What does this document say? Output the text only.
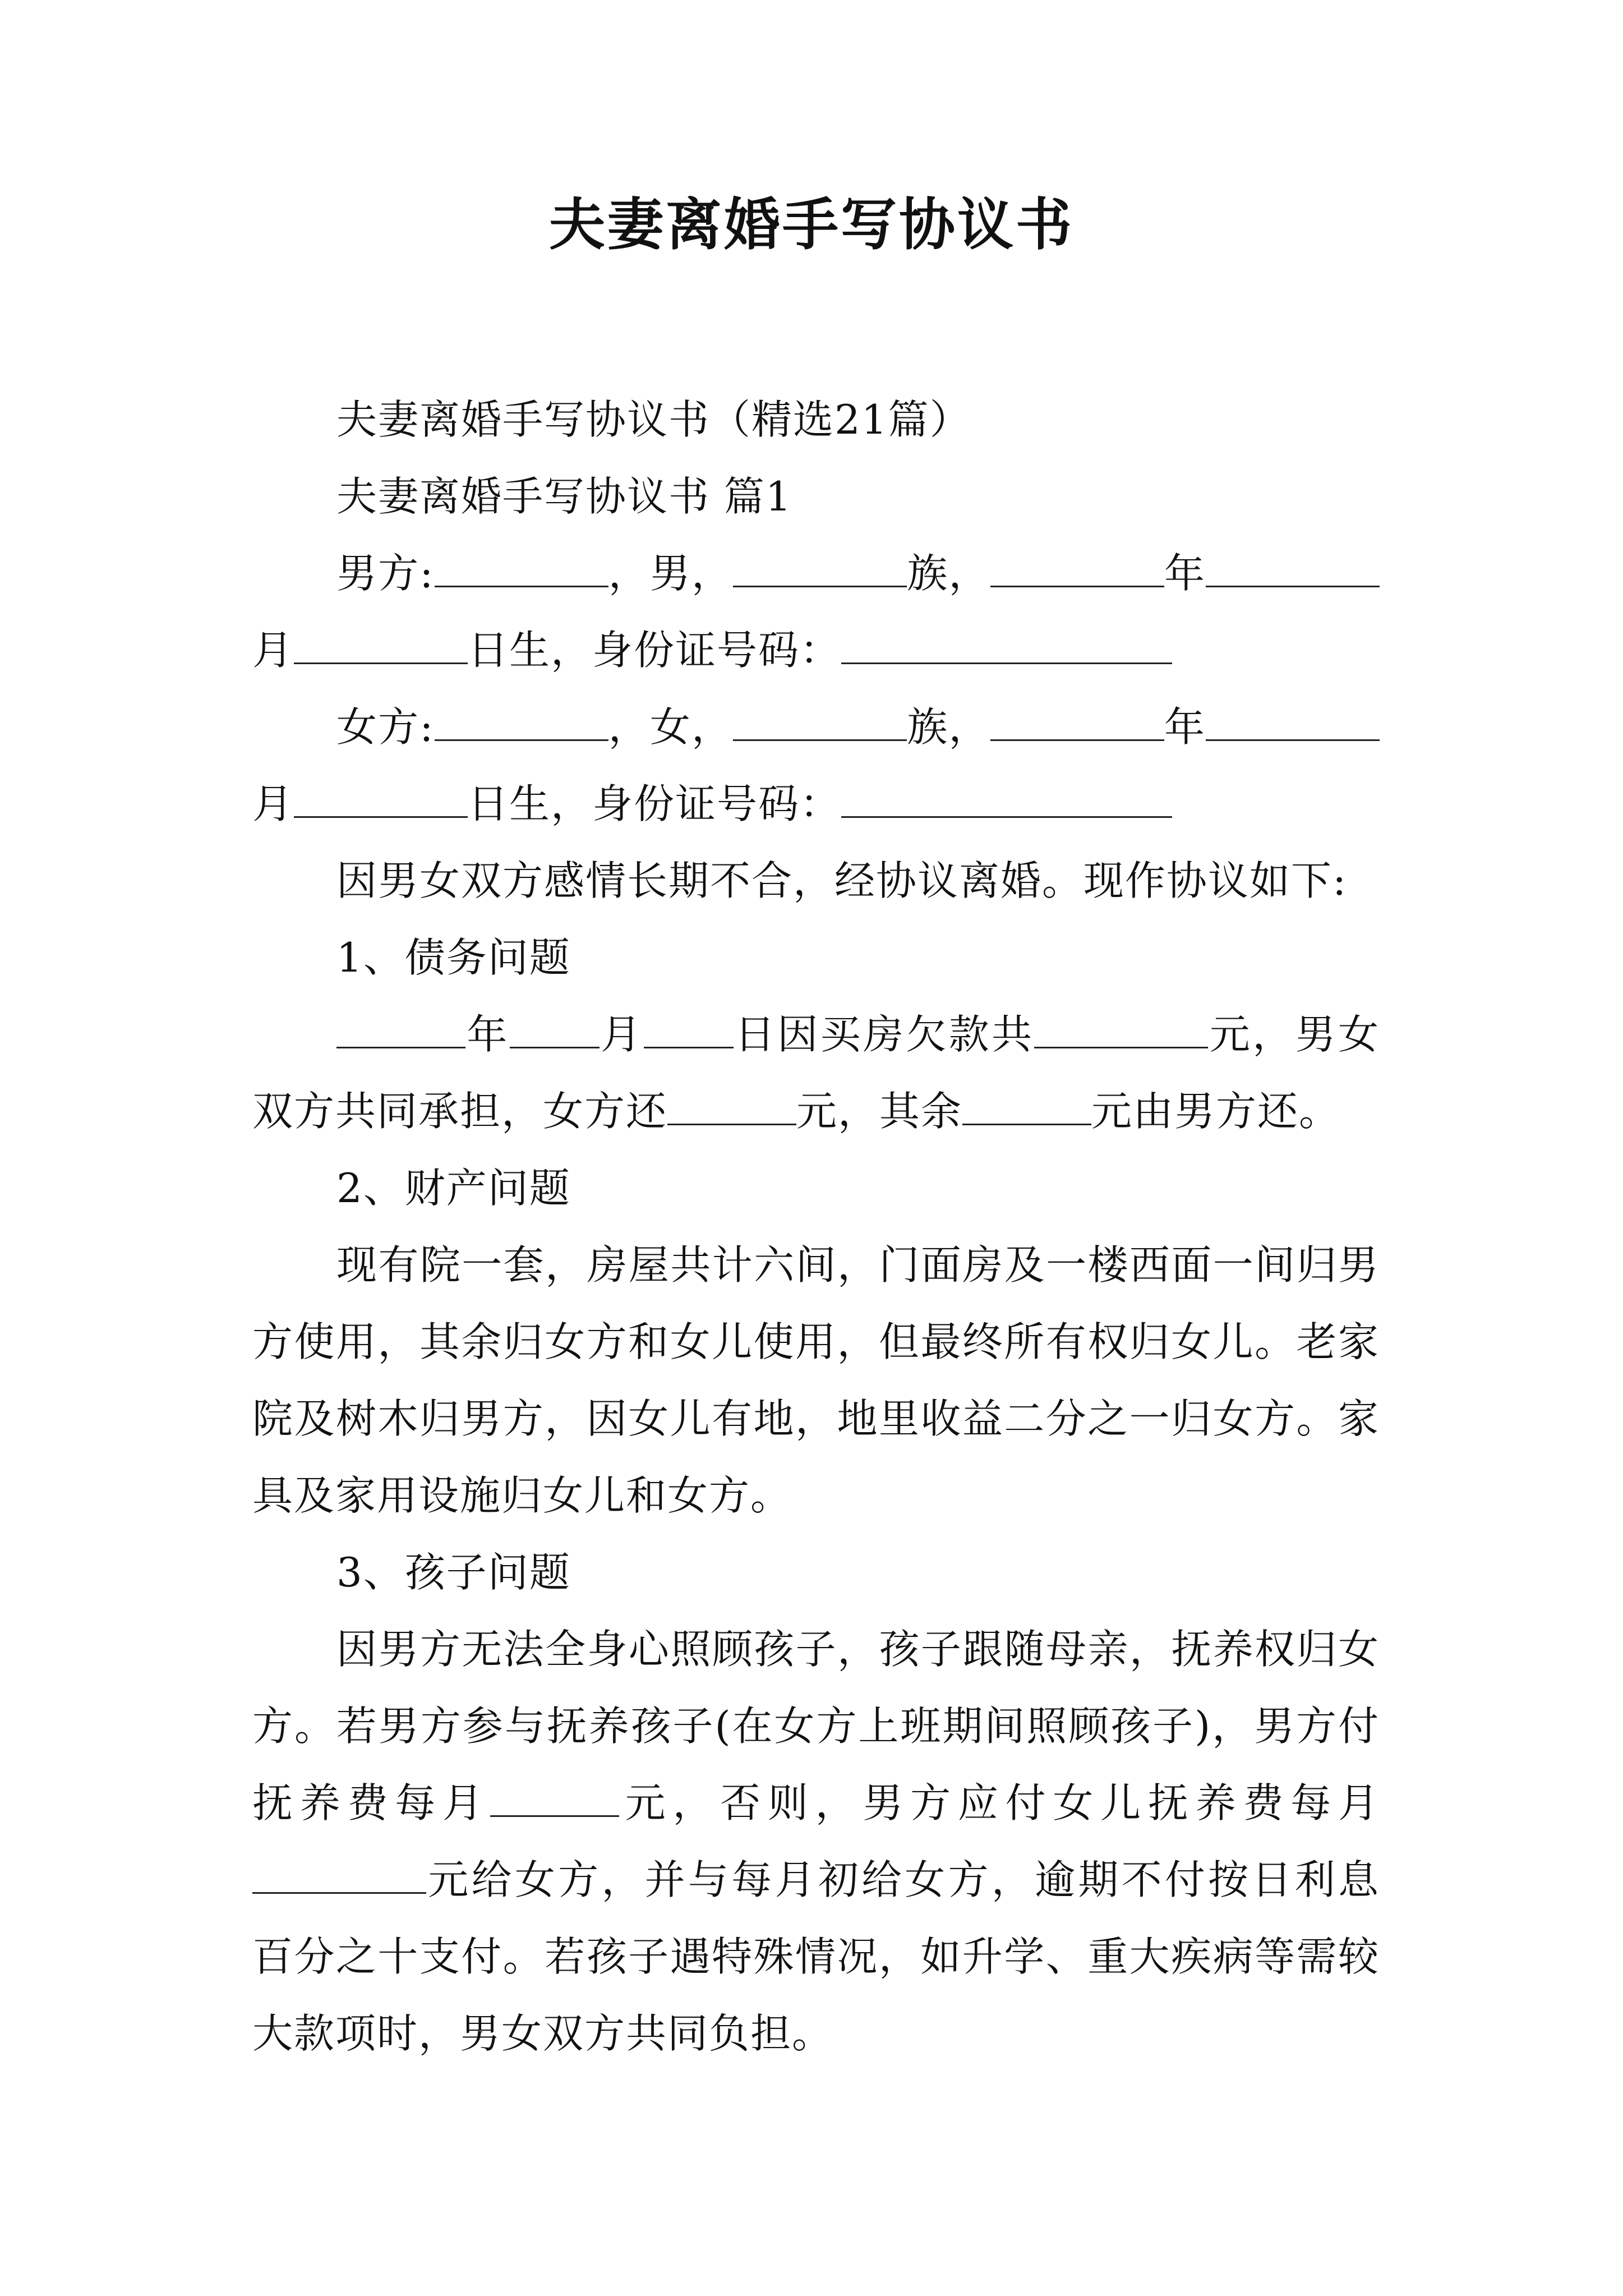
夫妻离婚手写协议书

夫妻离婚手写协议书（精选21篇）

夫妻离婚手写协议书 篇1

男方:	，男，	族，	年月	日生，身份证号码：

女方:	，女，	族，	年月	日生，身份证号码：

因男女双方感情长期不合，经协议离婚。现作协议如下:

1、债务问题

年 月 日因买房欠款共	元，男女双方共同承担，女方还	元，其余	元由男方还。

2、财产问题

现有院一套，房屋共计六间，门面房及一楼西面一间归男方使用，其余归女方和女儿使用，但最终所有权归女儿。老家院及树木归男方，因女儿有地，地里收益二分之一归女方。家具及家用设施归女儿和女方。

3、孩子问题

因男方无法全身心照顾孩子，孩子跟随母亲，抚养权归女方。若男方参与抚养孩子(在女方上班期间照顾孩子)，男方付抚养费每月	元，否则，男方应付女儿抚养费每月元给女方，并与每月初给女方，逾期不付按日利息百分之十支付。若孩子遇特殊情况，如升学、重大疾病等需较大款项时，男女双方共同负担。
